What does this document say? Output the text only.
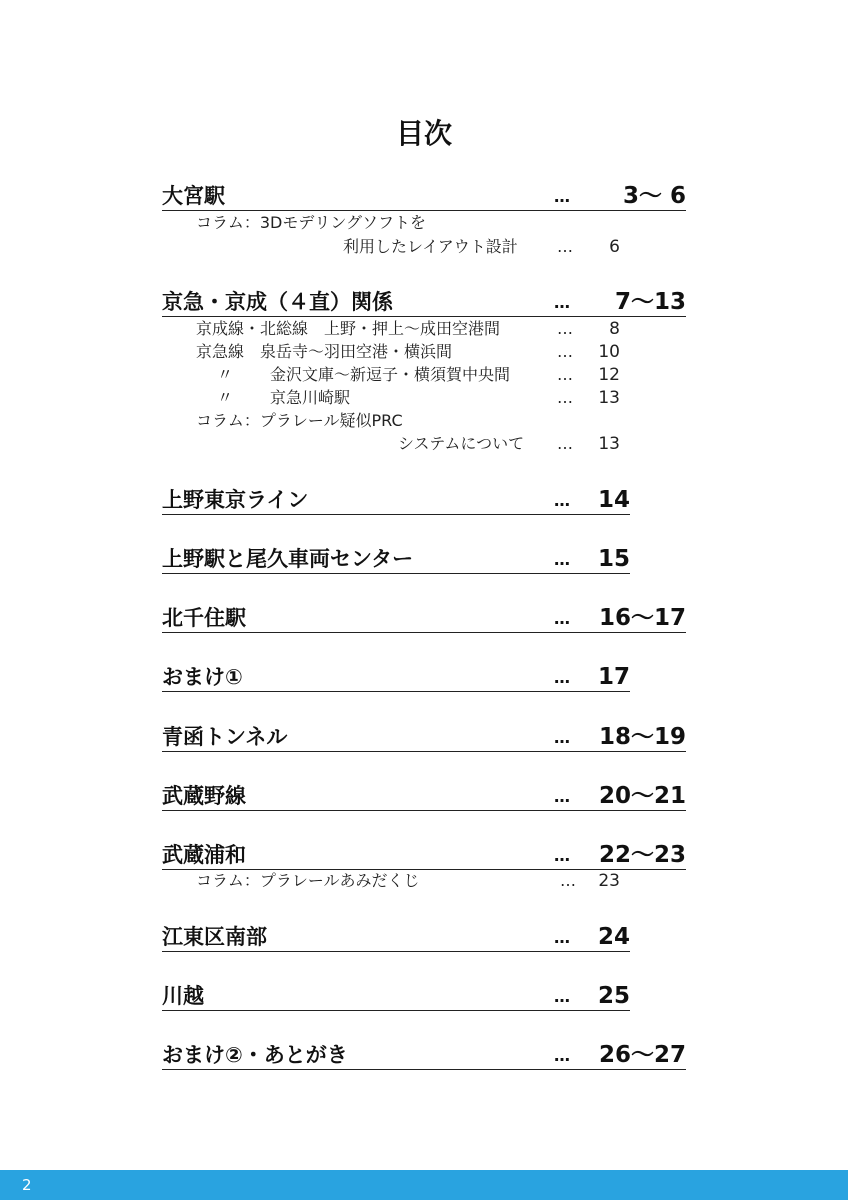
目次
大宮駅	… 3〜 6
コラム：3Dモデリングソフトを
利用したレイアウト設計 …	6
京急・京成（４直）関係	… 7〜13
京成線・北総線　上野・押上〜成田空港間	…	8
京急線　泉岳寺〜羽田空港・横浜間	…	10
〃 金沢文庫〜新逗子・横須賀中央間	…	12
〃 京急川崎駅	…	13
コラム：プラレール疑似PRC
システムについて …	13
上野東京ライン	… 14
上野駅と尾久車両センター	… 15
北千住駅	… 16〜17
おまけ①	… 17
青函トンネル	… 18〜19
武蔵野線	… 20〜21
武蔵浦和	… 22〜23
コラム：プラレールあみだくじ	…	23
江東区南部	… 24
川越	… 25
おまけ②・あとがき	… 26〜27
2
